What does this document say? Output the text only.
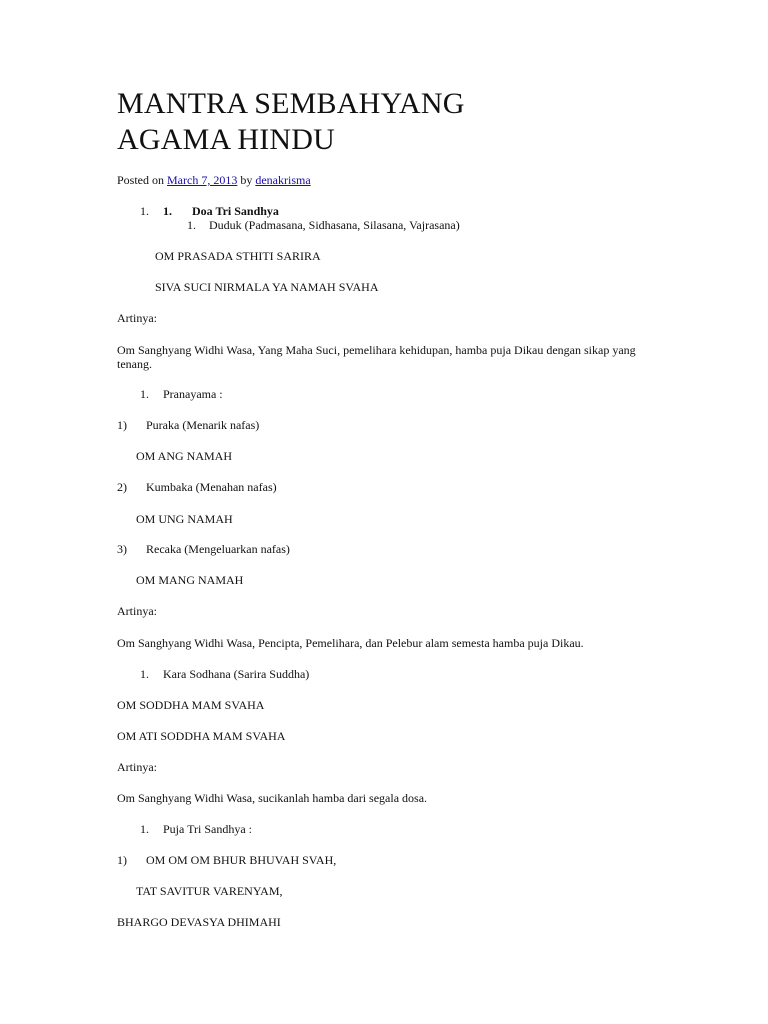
MANTRA SEMBAHYANG
AGAMA HINDU
Posted on March 7, 2013 by denakrisma
1. 1. Doa Tri Sandhya
1. Duduk (Padmasana, Sidhasana, Silasana, Vajrasana)
OM PRASADA STHITI SARIRA
SIVA SUCI NIRMALA YA NAMAH SVAHA
Artinya:
Om Sanghyang Widhi Wasa, Yang Maha Suci, pemelihara kehidupan, hamba puja Dikau dengan sikap yang tenang.
1. Pranayama :
1) Puraka (Menarik nafas)
OM ANG NAMAH
2) Kumbaka (Menahan nafas)
OM UNG NAMAH
3) Recaka (Mengeluarkan nafas)
OM MANG NAMAH
Artinya:
Om Sanghyang Widhi Wasa, Pencipta, Pemelihara, dan Pelebur alam semesta hamba puja Dikau.
1. Kara Sodhana (Sarira Suddha)
OM SODDHA MAM SVAHA
OM ATI SODDHA MAM SVAHA
Artinya:
Om Sanghyang Widhi Wasa, sucikanlah hamba dari segala dosa.
1. Puja Tri Sandhya :
1) OM OM OM BHUR BHUVAH SVAH,
TAT SAVITUR VARENYAM,
BHARGO DEVASYA DHIMAHI
